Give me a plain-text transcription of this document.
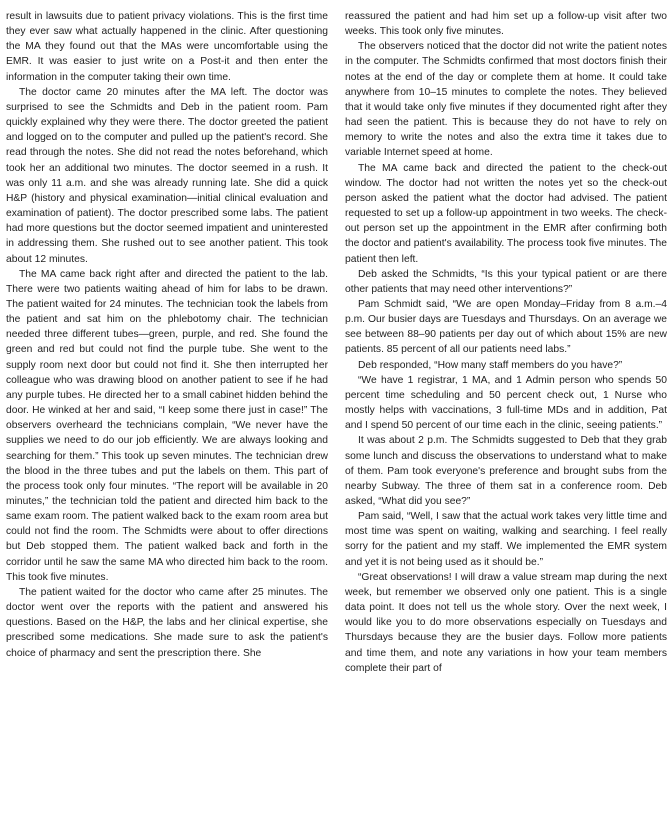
result in lawsuits due to patient privacy violations. This is the first time they ever saw what actually happened in the clinic. After questioning the MA they found out that the MAs were uncomfortable using the EMR. It was easier to just write on a Post-it and then enter the information in the computer taking their own time.

The doctor came 20 minutes after the MA left. The doctor was surprised to see the Schmidts and Deb in the patient room. Pam quickly explained why they were there. The doctor greeted the patient and logged on to the computer and pulled up the patient's record. She read through the notes. She did not read the notes beforehand, which took her an additional two minutes. The doctor seemed in a rush. It was only 11 a.m. and she was already running late. She did a quick H&P (history and physical examination—initial clinical evaluation and examination of patient). The doctor prescribed some labs. The patient had more questions but the doctor seemed impatient and uninterested in addressing them. She rushed out to see another patient. This took about 12 minutes.

The MA came back right after and directed the patient to the lab. There were two patients waiting ahead of him for labs to be drawn. The patient waited for 24 minutes. The technician took the labels from the patient and sat him on the phlebotomy chair. The technician needed three different tubes—green, purple, and red. She found the green and red but could not find the purple tube. She went to the supply room next door but could not find it. She then interrupted her colleague who was drawing blood on another patient to see if he had any purple tubes. He directed her to a small cabinet hidden behind the door. He winked at her and said, “I keep some there just in case!” The observers overheard the technicians complain, “We never have the supplies we need to do our job efficiently. We are always looking and searching for them.” This took up seven minutes. The technician drew the blood in the three tubes and put the labels on them. This part of the process took only four minutes. “The report will be available in 20 minutes,” the technician told the patient and directed him back to the same exam room. The patient walked back to the exam room area but could not find the room. The Schmidts were about to offer directions but Deb stopped them. The patient walked back and forth in the corridor until he saw the same MA who directed him back to the room. This took five minutes.

The patient waited for the doctor who came after 25 minutes. The doctor went over the reports with the patient and answered his questions. Based on the H&P, the labs and her clinical expertise, she prescribed some medications. She made sure to ask the patient's choice of pharmacy and sent the prescription there. She

reassured the patient and had him set up a follow-up visit after two weeks. This took only five minutes.

The observers noticed that the doctor did not write the patient notes in the computer. The Schmidts confirmed that most doctors finish their notes at the end of the day or complete them at home. It could take anywhere from 10–15 minutes to complete the notes. They believed that it would take only five minutes if they documented right after they had seen the patient. This is because they do not have to rely on memory to write the notes and also the extra time it takes due to variable Internet speed at home.

The MA came back and directed the patient to the check-out window. The doctor had not written the notes yet so the check-out person asked the patient what the doctor had advised. The patient requested to set up a follow-up appointment in two weeks. The check-out person set up the appointment in the EMR after confirming both the doctor and patient's availability. The process took five minutes. The patient then left.

Deb asked the Schmidts, “Is this your typical patient or are there other patients that may need other interventions?”

Pam Schmidt said, “We are open Monday–Friday from 8 a.m.–4 p.m. Our busier days are Tuesdays and Thursdays. On an average we see between 88–90 patients per day out of which about 15% are new patients. 85 percent of all our patients need labs.”

Deb responded, “How many staff members do you have?”

“We have 1 registrar, 1 MA, and 1 Admin person who spends 50 percent time scheduling and 50 percent check out, 1 Nurse who mostly helps with vaccinations, 3 full-time MDs and in addition, Pat and I spend 50 percent of our time each in the clinic, seeing patients.”

It was about 2 p.m. The Schmidts suggested to Deb that they grab some lunch and discuss the observations to understand what to make of them. Pam took everyone's preference and brought subs from the nearby Subway. The three of them sat in a conference room. Deb asked, “What did you see?”

Pam said, “Well, I saw that the actual work takes very little time and most time was spent on waiting, walking and searching. I feel really sorry for the patient and my staff. We implemented the EMR system and yet it is not being used as it should be.”

“Great observations! I will draw a value stream map during the next week, but remember we observed only one patient. This is a single data point. It does not tell us the whole story. Over the next week, I would like you to do more observations especially on Tuesdays and Thursdays because they are the busier days. Follow more patients and time them, and note any variations in how your team members complete their part of
